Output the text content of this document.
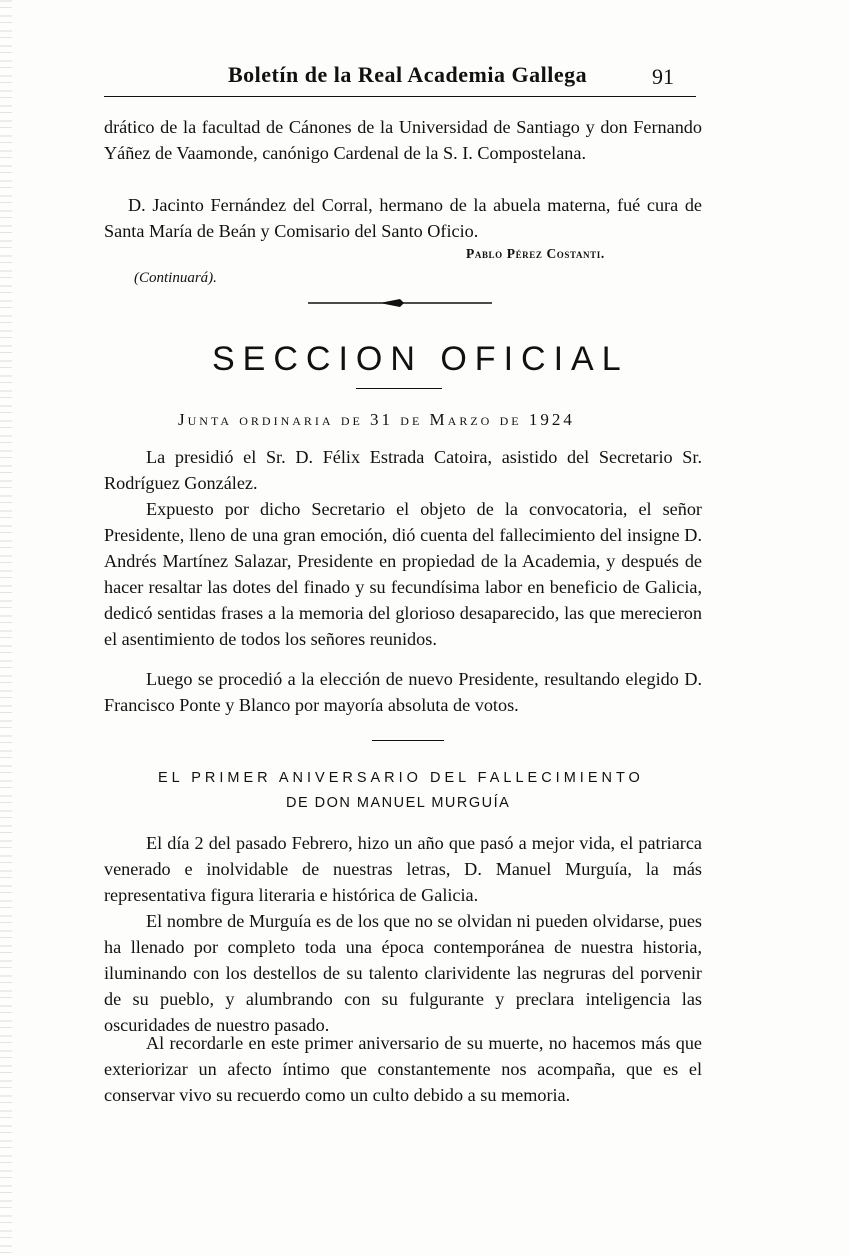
Boletín de la Real Academia Gallega	91

drático de la facultad de Cánones de la Universidad de Santiago y don Fernando Yáñez de Vaamonde, canónigo Cardenal de la S. I. Compostelana.

D. Jacinto Fernández del Corral, hermano de la abuela materna, fué cura de Santa María de Beán y Comisario del Santo Oficio.

Pablo Pérez Costanti.
(Continuará).
SECCION OFICIAL
Junta ordinaria de 31 de Marzo de 1924

La presidió el Sr. D. Félix Estrada Catoira, asistido del Secretario Sr. Rodríguez González.

Expuesto por dicho Secretario el objeto de la convocatoria, el señor Presidente, lleno de una gran emoción, dió cuenta del fallecimiento del insigne D. Andrés Martínez Salazar, Presidente en propiedad de la Academia, y después de hacer resaltar las dotes del finado y su fecundísima labor en beneficio de Galicia, dedicó sentidas frases a la memoria del glorioso desaparecido, las que merecieron el asentimiento de todos los señores reunidos.

Luego se procedió a la elección de nuevo Presidente, resultando elegido D. Francisco Ponte y Blanco por mayoría absoluta de votos.

EL PRIMER ANIVERSARIO DEL FALLECIMIENTO
DE DON MANUEL MURGUÍA

El día 2 del pasado Febrero, hizo un año que pasó a mejor vida, el patriarca venerado e inolvidable de nuestras letras, D. Manuel Murguía, la más representativa figura literaria e histórica de Galicia.

El nombre de Murguía es de los que no se olvidan ni pueden olvidarse, pues ha llenado por completo toda una época contemporánea de nuestra historia, iluminando con los destellos de su talento clarividente las negruras del porvenir de su pueblo, y alumbrando con su fulgurante y preclara inteligencia las oscuridades de nuestro pasado.

Al recordarle en este primer aniversario de su muerte, no hacemos más que exteriorizar un afecto íntimo que constantemente nos acompaña, que es el conservar vivo su recuerdo como un culto debido a su memoria.
